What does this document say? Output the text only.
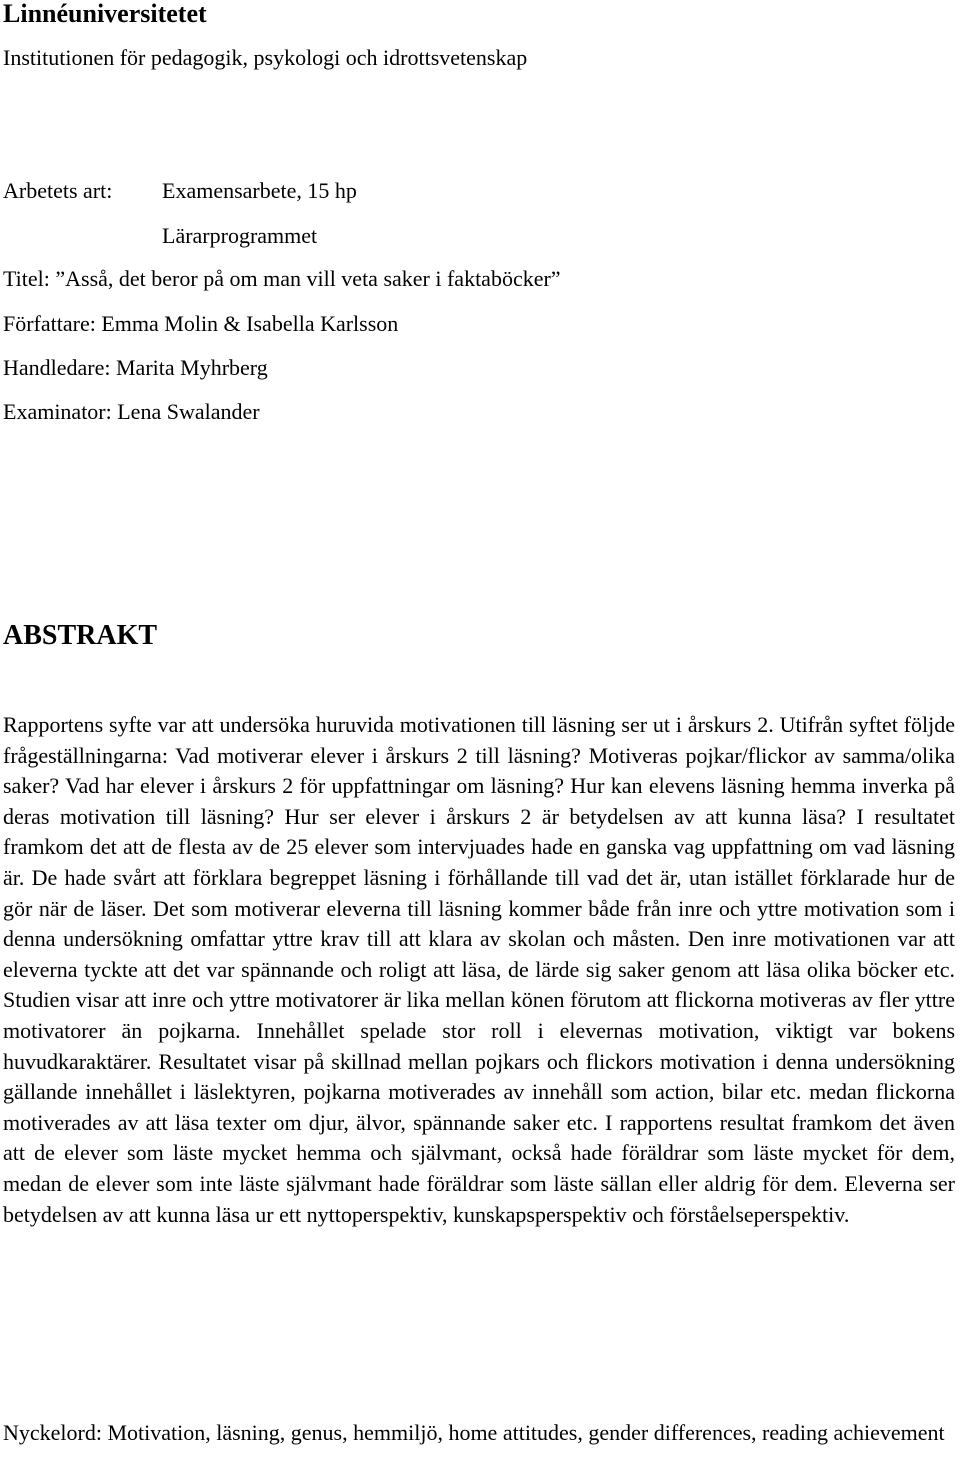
Linnéuniversitetet
Institutionen för pedagogik, psykologi och idrottsvetenskap
Arbetets art: Examensarbete, 15 hp
Lärarprogrammet
Titel: ”Asså, det beror på om man vill veta saker i faktaböcker”
Författare: Emma Molin & Isabella Karlsson
Handledare: Marita Myhrberg
Examinator: Lena Swalander
ABSTRAKT

Rapportens syfte var att undersöka huruvida motivationen till läsning ser ut i årskurs 2. Utifrån syftet följde frågeställningarna: Vad motiverar elever i årskurs 2 till läsning? Motiveras pojkar/flickor av samma/olika saker? Vad har elever i årskurs 2 för uppfattningar om läsning? Hur kan elevens läsning hemma inverka på deras motivation till läsning? Hur ser elever i årskurs 2 är betydelsen av att kunna läsa? I resultatet framkom det att de flesta av de 25 elever som intervjuades hade en ganska vag uppfattning om vad läsning är. De hade svårt att förklara begreppet läsning i förhållande till vad det är, utan istället förklarade hur de gör när de läser. Det som motiverar eleverna till läsning kommer både från inre och yttre motivation som i denna undersökning omfattar yttre krav till att klara av skolan och måsten. Den inre motivationen var att eleverna tyckte att det var spännande och roligt att läsa, de lärde sig saker genom att läsa olika böcker etc. Studien visar att inre och yttre motivatorer är lika mellan könen förutom att flickorna motiveras av fler yttre motivatorer än pojkarna. Innehållet spelade stor roll i elevernas motivation, viktigt var bokens huvudkaraktärer. Resultatet visar på skillnad mellan pojkars och flickors motivation i denna undersökning gällande innehållet i läslektyren, pojkarna motiverades av innehåll som action, bilar etc. medan flickorna motiverades av att läsa texter om djur, älvor, spännande saker etc. I rapportens resultat framkom det även att de elever som läste mycket hemma och självmant, också hade föräldrar som läste mycket för dem, medan de elever som inte läste självmant hade föräldrar som läste sällan eller aldrig för dem. Eleverna ser betydelsen av att kunna läsa ur ett nyttoperspektiv, kunskapsperspektiv och förståelseperspektiv.

Nyckelord: Motivation, läsning, genus, hemmiljö, home attitudes, gender differences, reading achievement
